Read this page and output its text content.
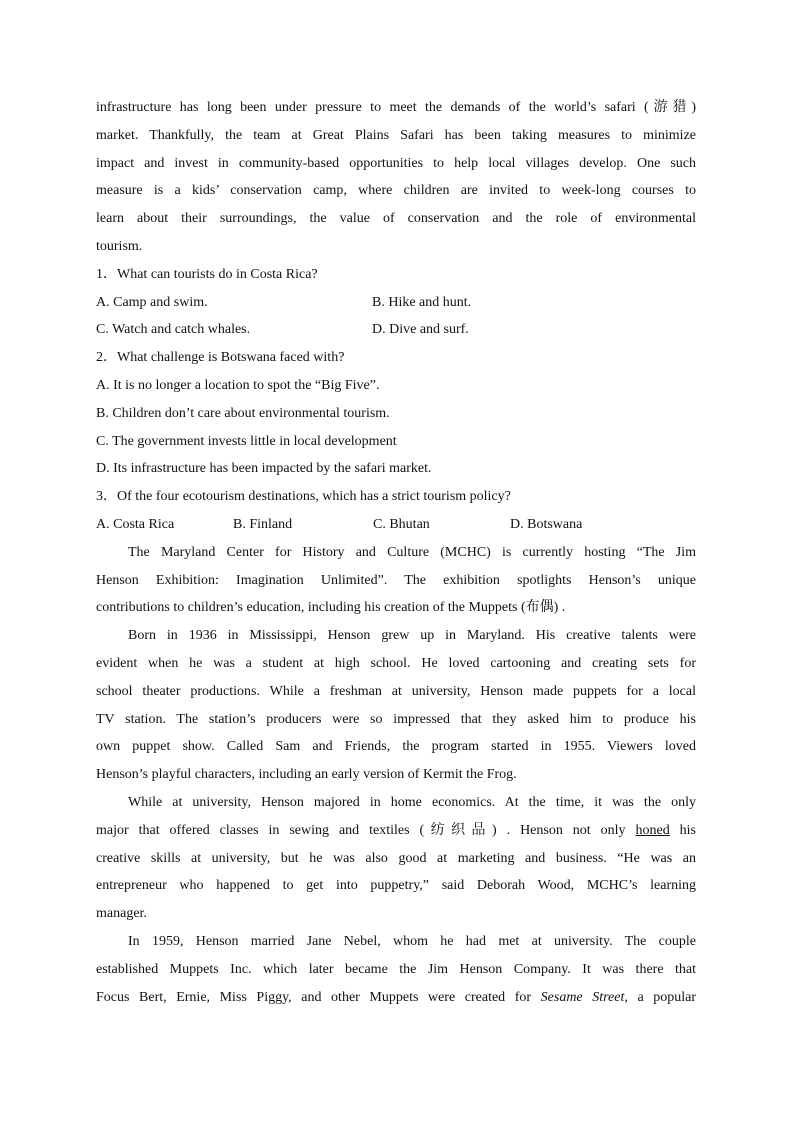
infrastructure has long been under pressure to meet the demands of the world’s safari (游猎)
market. Thankfully, the team at Great Plains Safari has been taking measures to minimize
impact and invest in community-based opportunities to help local villages develop. One such
measure is a kids’ conservation camp, where children are invited to week-long courses to
learn about their surroundings, the value of conservation and the role of environmental
tourism.
1．What can tourists do in Costa Rica?
A. Camp and swim.	B. Hike and hunt.
C. Watch and catch whales.	D. Dive and surf.
2．What challenge is Botswana faced with?
A. It is no longer a location to spot the “Big Five”.
B. Children don’t care about environmental tourism.
C. The government invests little in local development
D. Its infrastructure has been impacted by the safari market.
3．Of the four ecotourism destinations, which has a strict tourism policy?
A. Costa Rica	B. Finland	C. Bhutan	D. Botswana
The Maryland Center for History and Culture (MCHC) is currently hosting “The Jim
Henson Exhibition: Imagination Unlimited”. The exhibition spotlights Henson’s unique
contributions to children’s education, including his creation of the Muppets (布偶) .
Born in 1936 in Mississippi, Henson grew up in Maryland. His creative talents were
evident when he was a student at high school. He loved cartooning and creating sets for
school theater productions. While a freshman at university, Henson made puppets for a local
TV station. The station’s producers were so impressed that they asked him to produce his
own puppet show. Called Sam and Friends, the program started in 1955. Viewers loved
Henson’s playful characters, including an early version of Kermit the Frog.
While at university, Henson majored in home economics. At the time, it was the only
major that offered classes in sewing and textiles (纺织品) . Henson not only honed his
creative skills at university, but he was also good at marketing and business. “He was an
entrepreneur who happened to get into puppetry,” said Deborah Wood, MCHC’s learning
manager.
In 1959, Henson married Jane Nebel, whom he had met at university. The couple
established Muppets Inc. which later became the Jim Henson Company. It was there that
Focus Bert, Ernie, Miss Piggy, and other Muppets were created for Sesame Street, a popular
